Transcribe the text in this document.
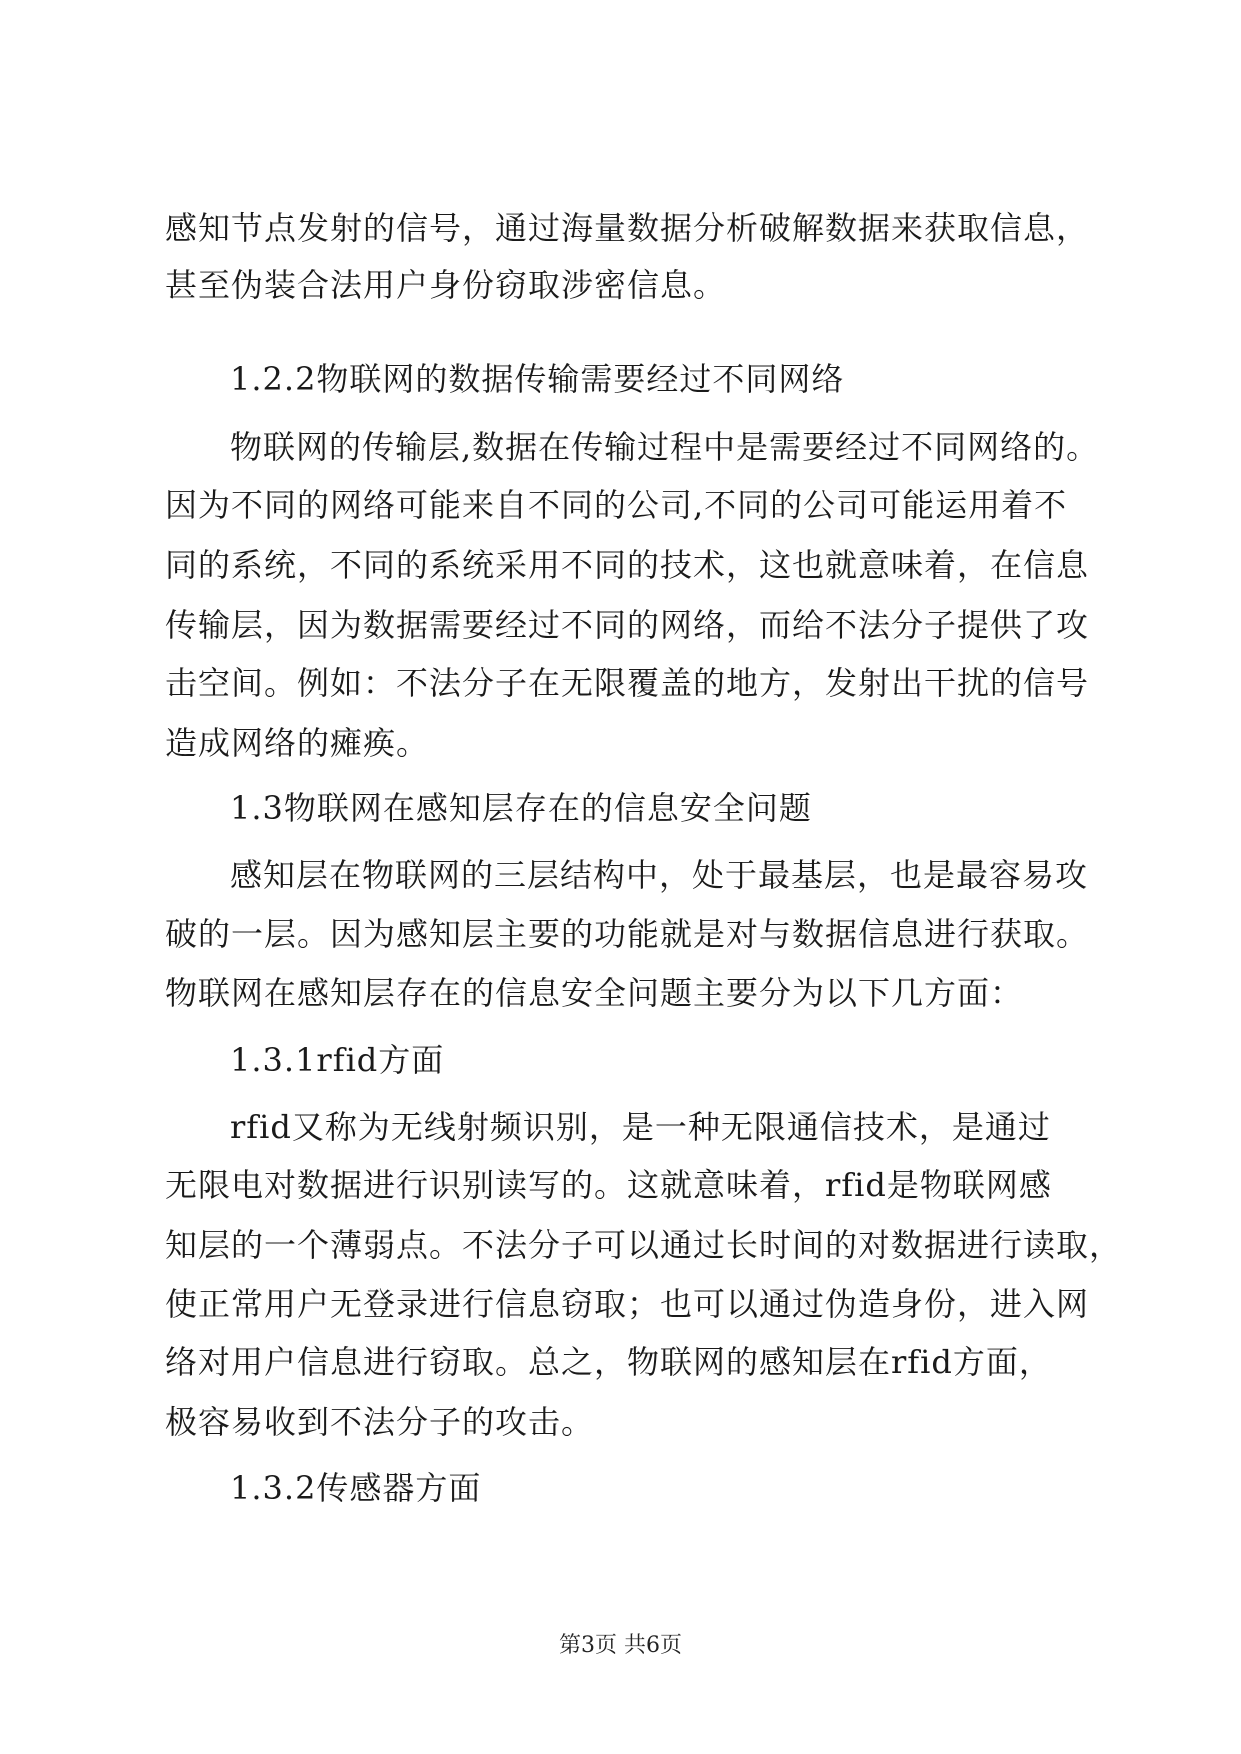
感知节点发射的信号，通过海量数据分析破解数据来获取信息，
甚至伪装合法用户身份窃取涉密信息。
1.2.2物联网的数据传输需要经过不同网络
物联网的传输层,数据在传输过程中是需要经过不同网络的。
因为不同的网络可能来自不同的公司,不同的公司可能运用着不
同的系统，不同的系统采用不同的技术，这也就意味着，在信息
传输层，因为数据需要经过不同的网络，而给不法分子提供了攻
击空间。例如：不法分子在无限覆盖的地方，发射出干扰的信号
造成网络的瘫痪。
1.3物联网在感知层存在的信息安全问题
感知层在物联网的三层结构中，处于最基层，也是最容易攻
破的一层。因为感知层主要的功能就是对与数据信息进行获取。
物联网在感知层存在的信息安全问题主要分为以下几方面：
1.3.1rfid方面
rfid又称为无线射频识别，是一种无限通信技术，是通过
无限电对数据进行识别读写的。这就意味着，rfid是物联网感
知层的一个薄弱点。不法分子可以通过长时间的对数据进行读取，
使正常用户无登录进行信息窃取；也可以通过伪造身份，进入网
络对用户信息进行窃取。总之，物联网的感知层在rfid方面，
极容易收到不法分子的攻击。
1.3.2传感器方面
第3页 共6页
